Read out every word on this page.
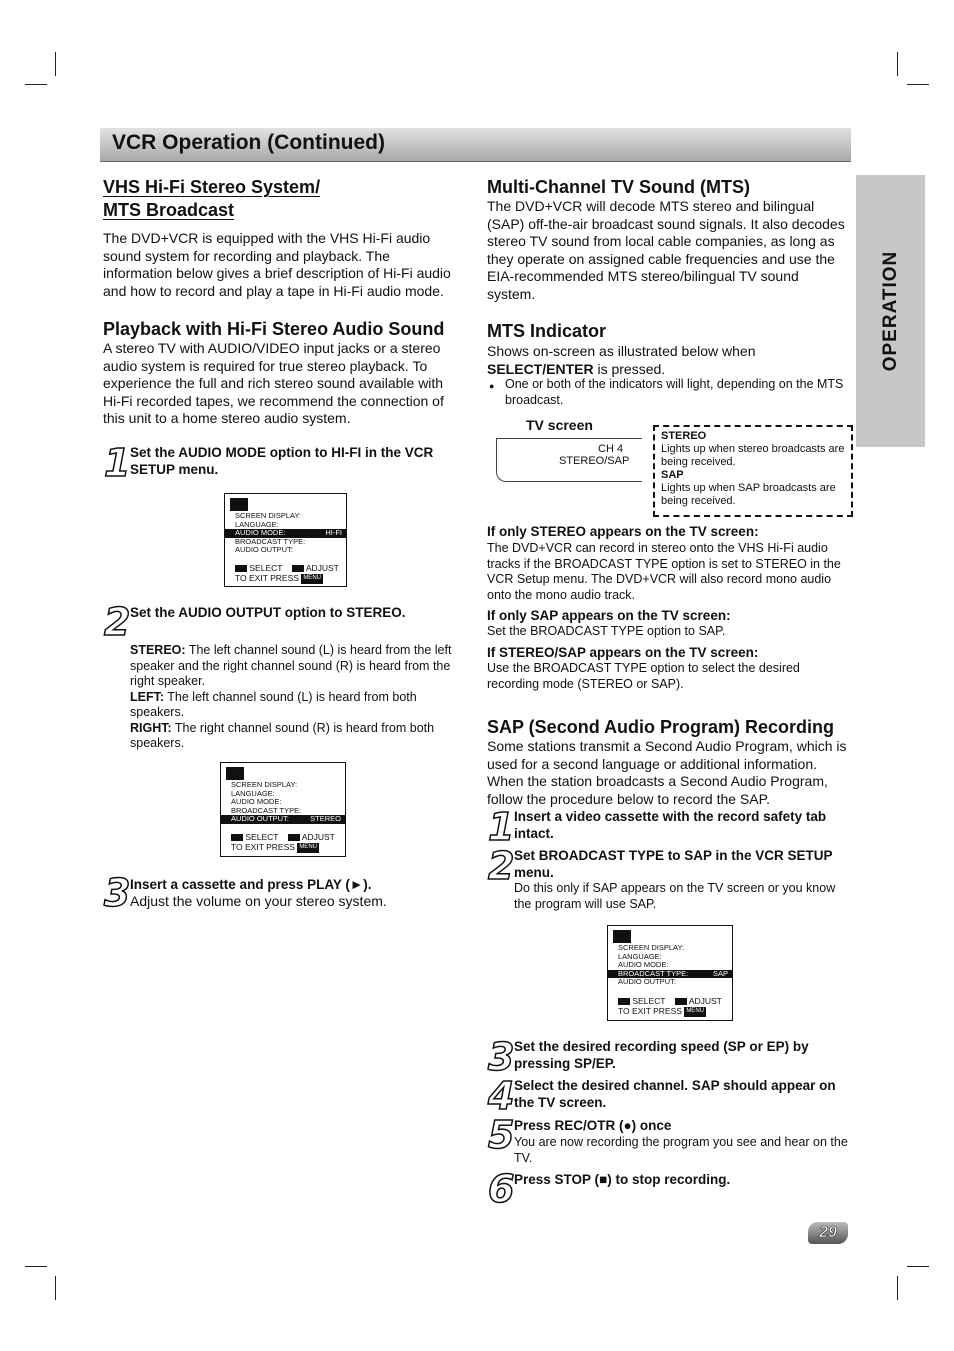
VCR Operation (Continued)
OPERATION
VHS Hi-Fi Stereo System/
MTS Broadcast
The DVD+VCR is equipped with the VHS Hi-Fi audio sound system for recording and playback. The information below gives a brief description of Hi-Fi audio and how to record and play a tape in Hi-Fi audio mode.
Playback with Hi-Fi Stereo Audio Sound
A stereo TV with AUDIO/VIDEO input jacks or a stereo audio system is required for true stereo playback. To experience the full and rich stereo sound available with Hi-Fi recorded tapes, we recommend the connection of this unit to a home stereo audio system.
1 Set the AUDIO MODE option to HI-FI in the VCR SETUP menu.
SCREEN DISPLAY:
LANGUAGE:
AUDIO MODE:	HI-FI
BROADCAST TYPE:
AUDIO OUTPUT:
SELECT	ADJUST
TO EXIT PRESS MENU
2 Set the AUDIO OUTPUT option to STEREO.
STEREO: The left channel sound (L) is heard from the left speaker and the right channel sound (R) is heard from the right speaker.
LEFT: The left channel sound (L) is heard from both speakers.
RIGHT: The right channel sound (R) is heard from both speakers.
SCREEN DISPLAY:
LANGUAGE:
AUDIO MODE:
BROADCAST TYPE:
AUDIO OUTPUT:	STEREO
SELECT	ADJUST
TO EXIT PRESS MENU
3 Insert a cassette and press PLAY (►).
Adjust the volume on your stereo system.
Multi-Channel TV Sound (MTS)
The DVD+VCR will decode MTS stereo and bilingual (SAP) off-the-air broadcast sound signals. It also decodes stereo TV sound from local cable companies, as long as they operate on assigned cable frequencies and use the EIA-recommended MTS stereo/bilingual TV sound system.
MTS Indicator
Shows on-screen as illustrated below when
SELECT/ENTER is pressed.
● One or both of the indicators will light, depending on the MTS broadcast.
TV screen
CH 4
STEREO/SAP
STEREO
Lights up when stereo broadcasts are being received.
SAP
Lights up when SAP broadcasts are being received.
If only STEREO appears on the TV screen:
The DVD+VCR can record in stereo onto the VHS Hi-Fi audio tracks if the BROADCAST TYPE option is set to STEREO in the VCR Setup menu. The DVD+VCR will also record mono audio onto the mono audio track.
If only SAP appears on the TV screen:
Set the BROADCAST TYPE option to SAP.
If STEREO/SAP appears on the TV screen:
Use the BROADCAST TYPE option to select the desired recording mode (STEREO or SAP).
SAP (Second Audio Program) Recording
Some stations transmit a Second Audio Program, which is used for a second language or additional information. When the station broadcasts a Second Audio Program, follow the procedure below to record the SAP.
1 Insert a video cassette with the record safety tab intact.
2 Set BROADCAST TYPE to SAP in the VCR SETUP menu.
Do this only if SAP appears on the TV screen or you know the program will use SAP.
SCREEN DISPLAY:
LANGUAGE:
AUDIO MODE:
BROADCAST TYPE:	SAP
AUDIO OUTPUT:
SELECT	ADJUST
TO EXIT PRESS MENU
3 Set the desired recording speed (SP or EP) by pressing SP/EP.
4 Select the desired channel. SAP should appear on the TV screen.
5 Press REC/OTR (●) once
You are now recording the program you see and hear on the TV.
6 Press STOP (■) to stop recording.
29
